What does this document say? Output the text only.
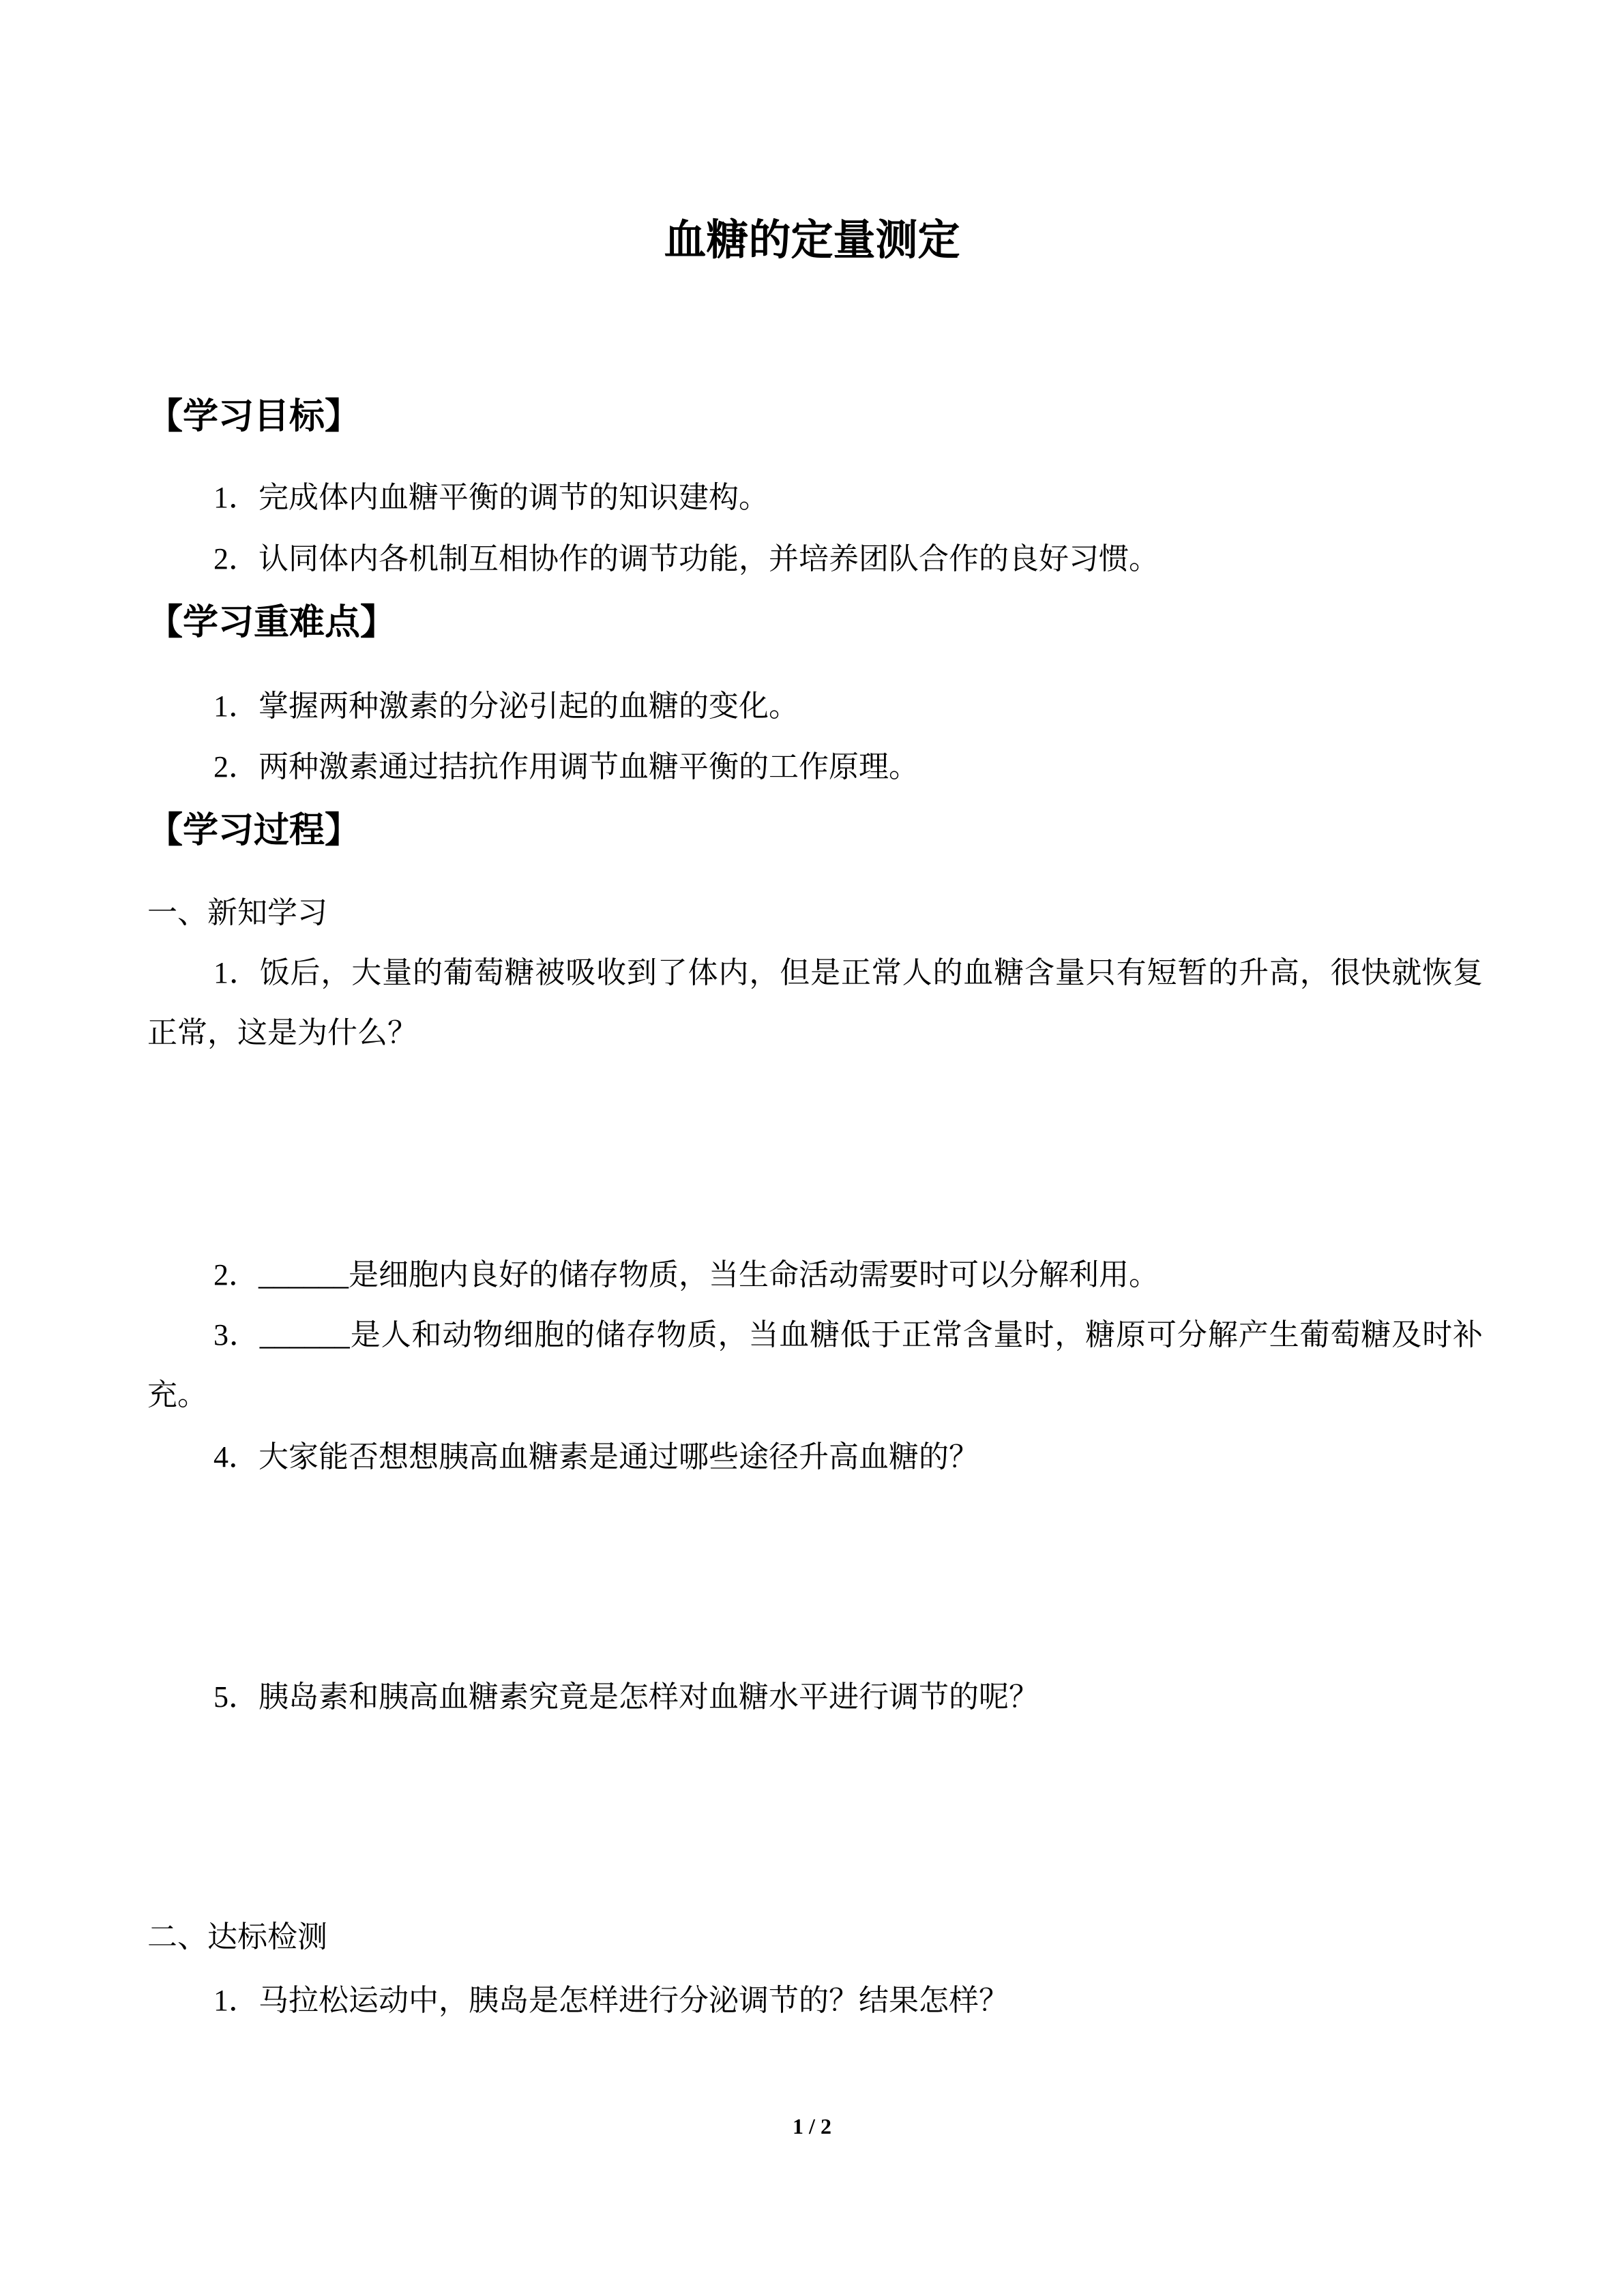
血糖的定量测定
【学习目标】
1．完成体内血糖平衡的调节的知识建构。
2．认同体内各机制互相协作的调节功能，并培养团队合作的良好习惯。
【学习重难点】
1．掌握两种激素的分泌引起的血糖的变化。
2．两种激素通过拮抗作用调节血糖平衡的工作原理。
【学习过程】
一、新知学习
1．饭后，大量的葡萄糖被吸收到了体内，但是正常人的血糖含量只有短暂的升高，很快就恢复正常，这是为什么？
2．______是细胞内良好的储存物质，当生命活动需要时可以分解利用。
3．______是人和动物细胞的储存物质，当血糖低于正常含量时，糖原可分解产生葡萄糖及时补充。
4．大家能否想想胰高血糖素是通过哪些途径升高血糖的？
5．胰岛素和胰高血糖素究竟是怎样对血糖水平进行调节的呢？
二、达标检测
1．马拉松运动中，胰岛是怎样进行分泌调节的？结果怎样？
1 / 2
